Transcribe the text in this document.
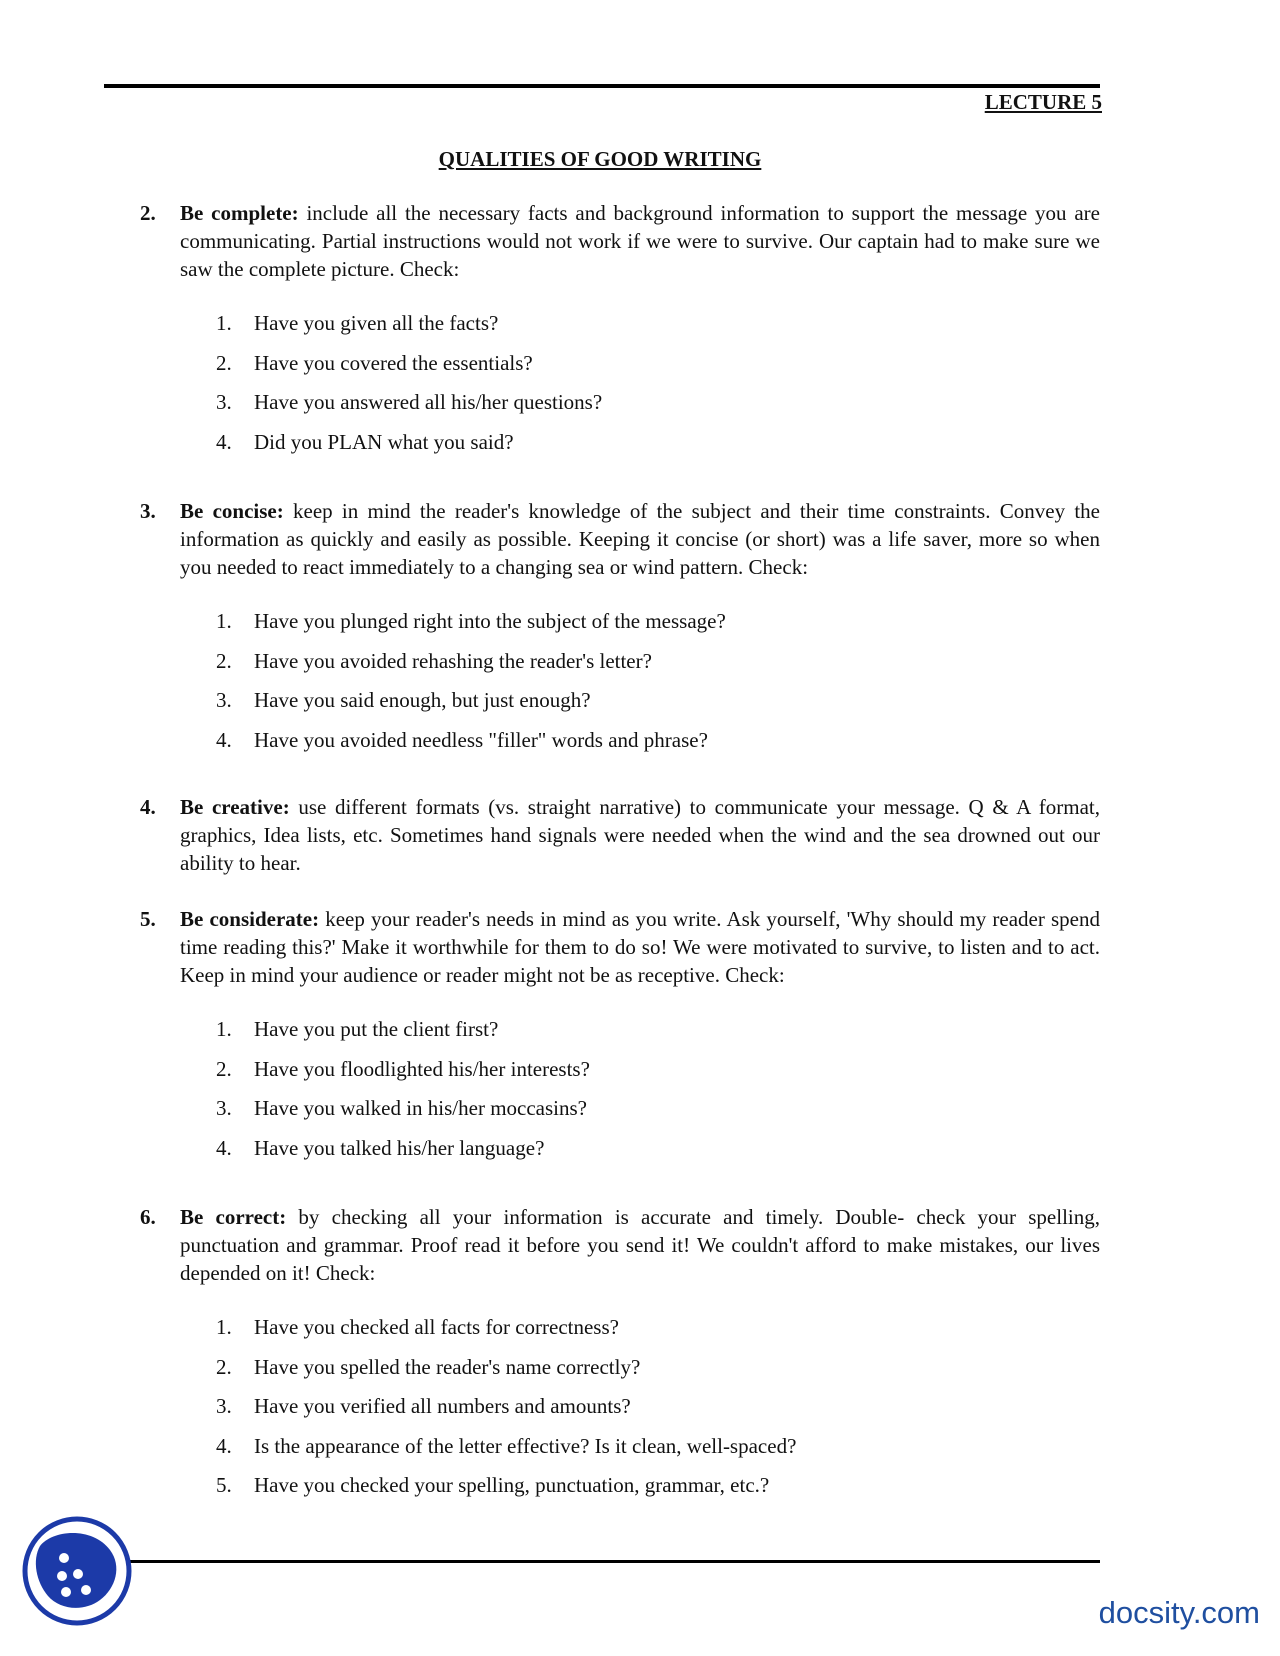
LECTURE 5
QUALITIES OF GOOD WRITING
2.	Be complete: include all the necessary facts and background information to support the message you are communicating. Partial instructions would not work if we were to survive. Our captain had to make sure we saw the complete picture. Check:
1.	Have you given all the facts?
2.	Have you covered the essentials?
3.	Have you answered all his/her questions?
4.	Did you PLAN what you said?
3.	Be concise: keep in mind the reader's knowledge of the subject and their time constraints. Convey the information as quickly and easily as possible. Keeping it concise (or short) was a life saver, more so when you needed to react immediately to a changing sea or wind pattern. Check:
1.	Have you plunged right into the subject of the message?
2.	Have you avoided rehashing the reader's letter?
3.	Have you said enough, but just enough?
4.	Have you avoided needless "filler" words and phrase?
4.	Be creative: use different formats (vs. straight narrative) to communicate your message. Q & A format, graphics, Idea lists, etc. Sometimes hand signals were needed when the wind and the sea drowned out our ability to hear.
5.	Be considerate: keep your reader's needs in mind as you write. Ask yourself, 'Why should my reader spend time reading this?' Make it worthwhile for them to do so! We were motivated to survive, to listen and to act. Keep in mind your audience or reader might not be as receptive. Check:
1.	Have you put the client first?
2.	Have you floodlighted his/her interests?
3.	Have you walked in his/her moccasins?
4.	Have you talked his/her language?
6.	Be correct: by checking all your information is accurate and timely. Double- check your spelling, punctuation and grammar. Proof read it before you send it! We couldn't afford to make mistakes, our lives depended on it! Check:
1.	Have you checked all facts for correctness?
2.	Have you spelled the reader's name correctly?
3.	Have you verified all numbers and amounts?
4.	Is the appearance of the letter effective? Is it clean, well-spaced?
5.	Have you checked your spelling, punctuation, grammar, etc.?
docsity.com
